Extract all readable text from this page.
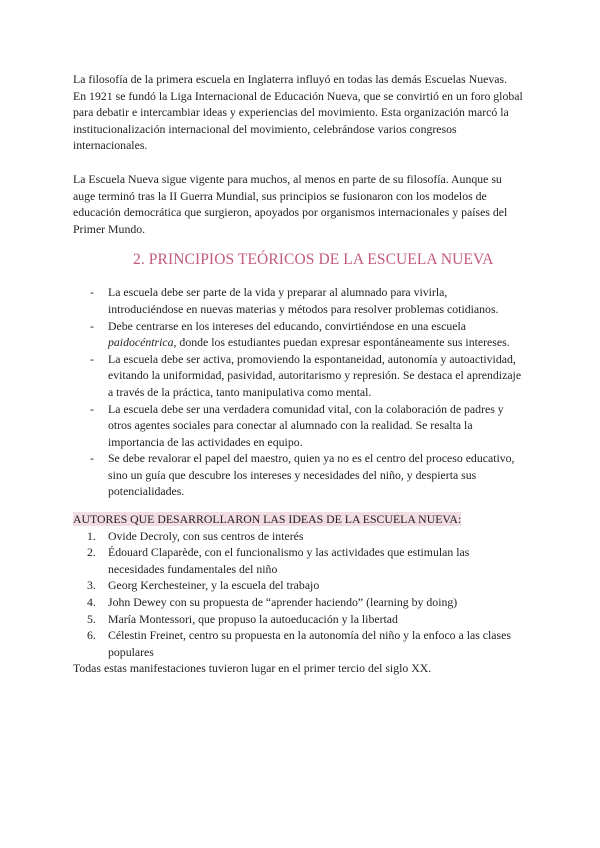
La filosofía de la primera escuela en Inglaterra influyó en todas las demás Escuelas Nuevas. En 1921 se fundó la Liga Internacional de Educación Nueva, que se convirtió en un foro global para debatir e intercambiar ideas y experiencias del movimiento. Esta organización marcó la institucionalización internacional del movimiento, celebrándose varios congresos internacionales.

La Escuela Nueva sigue vigente para muchos, al menos en parte de su filosofía. Aunque su auge terminó tras la II Guerra Mundial, sus principios se fusionaron con los modelos de educación democrática que surgieron, apoyados por organismos internacionales y países del Primer Mundo.

2. PRINCIPIOS TEÓRICOS DE LA ESCUELA NUEVA
- La escuela debe ser parte de la vida y preparar al alumnado para vivirla, introduciéndose en nuevas materias y métodos para resolver problemas cotidianos.
- Debe centrarse en los intereses del educando, convirtiéndose en una escuela paidocéntrica, donde los estudiantes puedan expresar espontáneamente sus intereses.
- La escuela debe ser activa, promoviendo la espontaneidad, autonomía y autoactividad, evitando la uniformidad, pasividad, autoritarismo y represión. Se destaca el aprendizaje a través de la práctica, tanto manipulativa como mental.
- La escuela debe ser una verdadera comunidad vital, con la colaboración de padres y otros agentes sociales para conectar al alumnado con la realidad. Se resalta la importancia de las actividades en equipo.
- Se debe revalorar el papel del maestro, quien ya no es el centro del proceso educativo, sino un guía que descubre los intereses y necesidades del niño, y despierta sus potencialidades.

AUTORES QUE DESARROLLARON LAS IDEAS DE LA ESCUELA NUEVA:

1. Ovide Decroly, con sus centros de interés
2. Édouard Claparède, con el funcionalismo y las actividades que estimulan las necesidades fundamentales del niño
3. Georg Kerchesteiner, y la escuela del trabajo
4. John Dewey con su propuesta de “aprender haciendo” (learning by doing)
5. María Montessori, que propuso la autoeducación y la libertad
6. Célestin Freinet, centro su propuesta en la autonomía del niño y la enfoco a las clases populares

Todas estas manifestaciones tuvieron lugar en el primer tercio del siglo XX.
